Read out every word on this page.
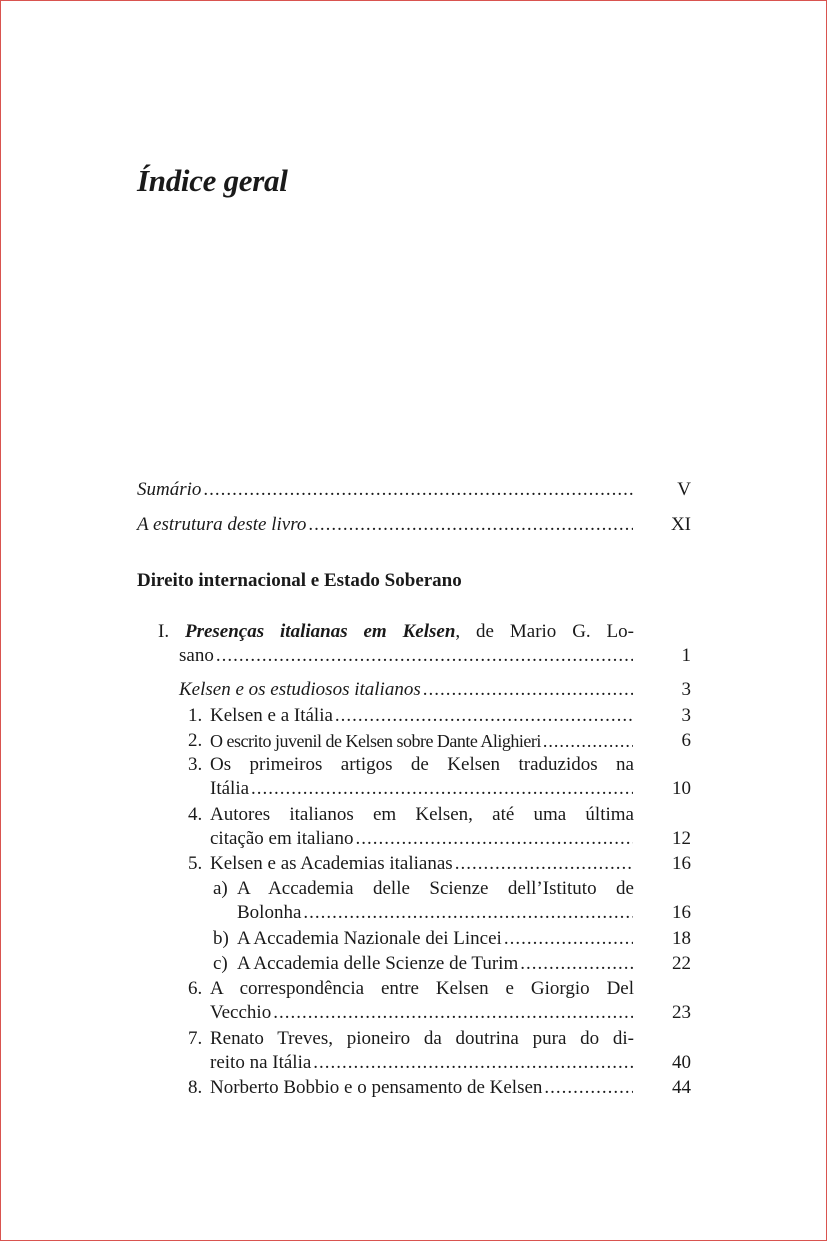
Índice geral
Sumário .....	V
A estrutura deste livro .....	XI
Direito internacional e Estado Soberano
I. Presenças italianas em Kelsen, de Mario G. Lo-
sano .....	1
Kelsen e os estudiosos italianos .....	3
1. Kelsen e a Itália .....	3
2. O escrito juvenil de Kelsen sobre Dante Alighieri .....	6
3. Os primeiros artigos de Kelsen traduzidos na
Itália .....	10
4. Autores italianos em Kelsen, até uma última
citação em italiano .....	12
5. Kelsen e as Academias italianas .....	16
a) A Accademia delle Scienze dell’Istituto de
Bolonha .....	16
b) A Accademia Nazionale dei Lincei .....	18
c) A Accademia delle Scienze de Turim .....	22
6. A correspondência entre Kelsen e Giorgio Del
Vecchio .....	23
7. Renato Treves, pioneiro da doutrina pura do di-
reito na Itália .....	40
8. Norberto Bobbio e o pensamento de Kelsen .....	44
